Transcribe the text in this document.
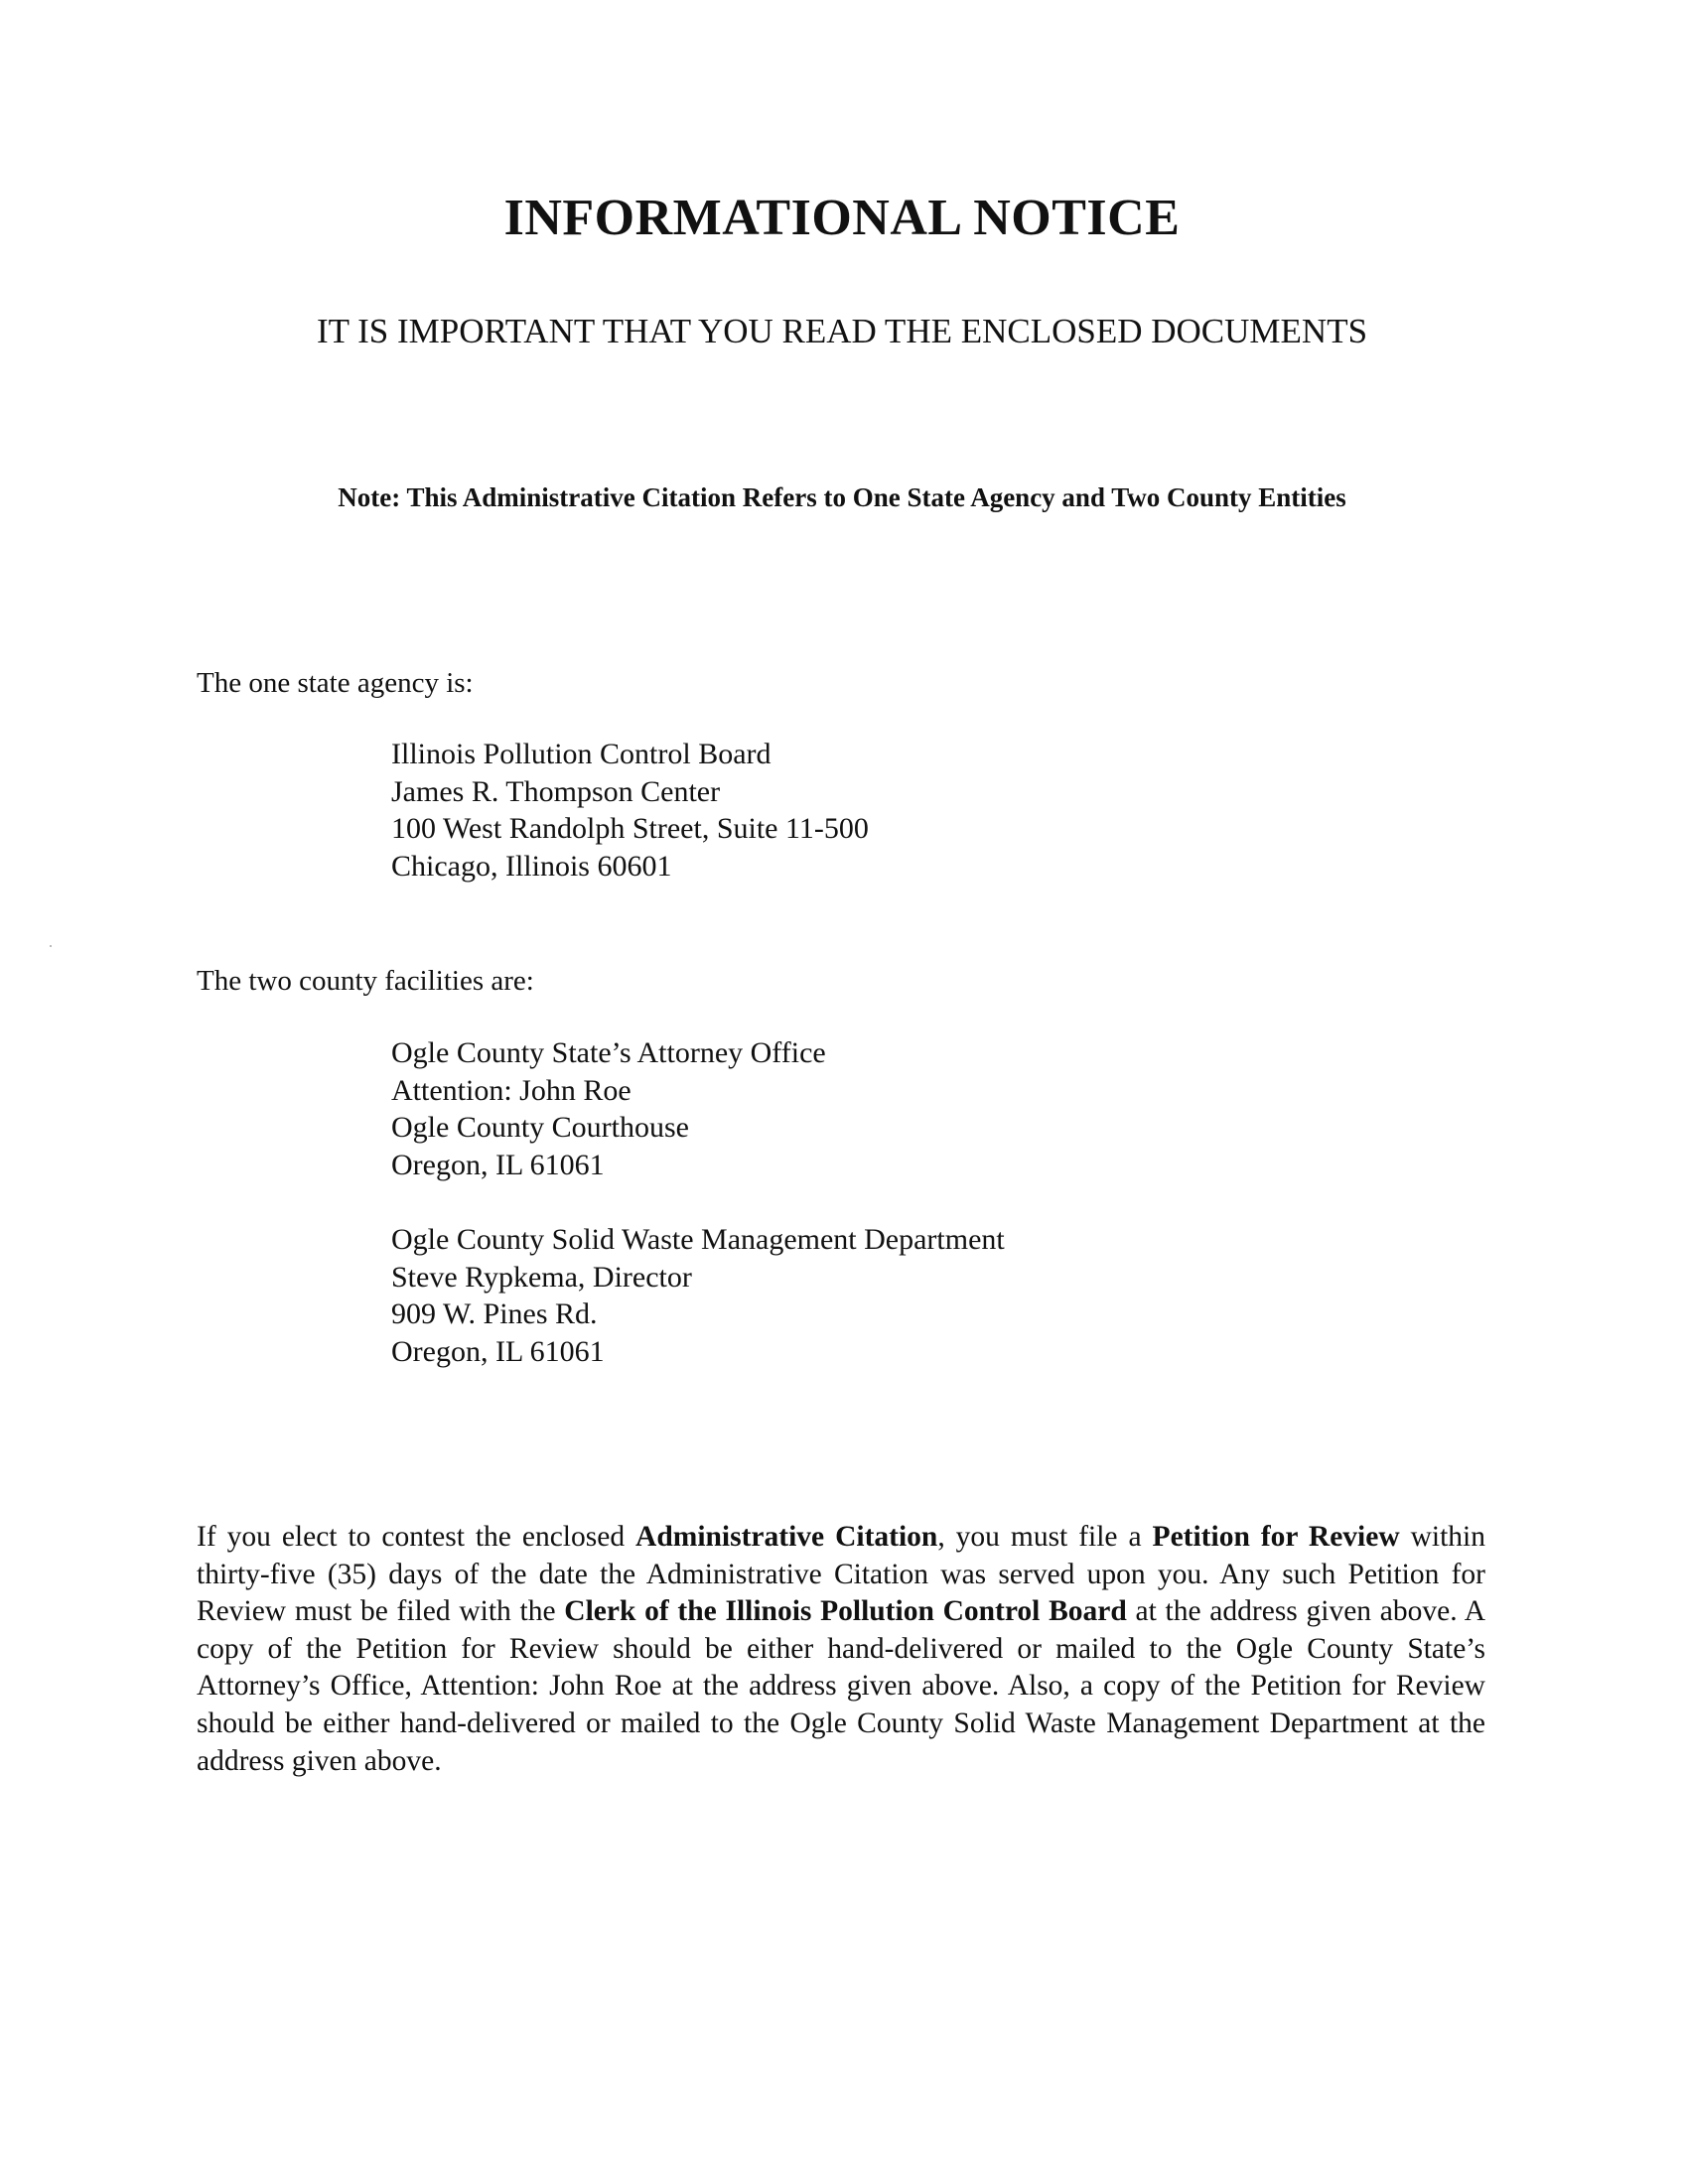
INFORMATIONAL NOTICE
IT IS IMPORTANT THAT YOU READ THE ENCLOSED DOCUMENTS
Note: This Administrative Citation Refers to One State Agency and Two County Entities
The one state agency is:
Illinois Pollution Control Board
James R. Thompson Center
100 West Randolph Street, Suite 11-500
Chicago, Illinois 60601
The two county facilities are:
Ogle County State’s Attorney Office
Attention: John Roe
Ogle County Courthouse
Oregon, IL 61061
Ogle County Solid Waste Management Department
Steve Rypkema, Director
909 W. Pines Rd.
Oregon, IL 61061
If you elect to contest the enclosed Administrative Citation, you must file a Petition for Review within thirty-five (35) days of the date the Administrative Citation was served upon you. Any such Petition for Review must be filed with the Clerk of the Illinois Pollution Control Board at the address given above. A copy of the Petition for Review should be either hand-delivered or mailed to the Ogle County State’s Attorney’s Office, Attention: John Roe at the address given above. Also, a copy of the Petition for Review should be either hand-delivered or mailed to the Ogle County Solid Waste Management Department at the address given above.
